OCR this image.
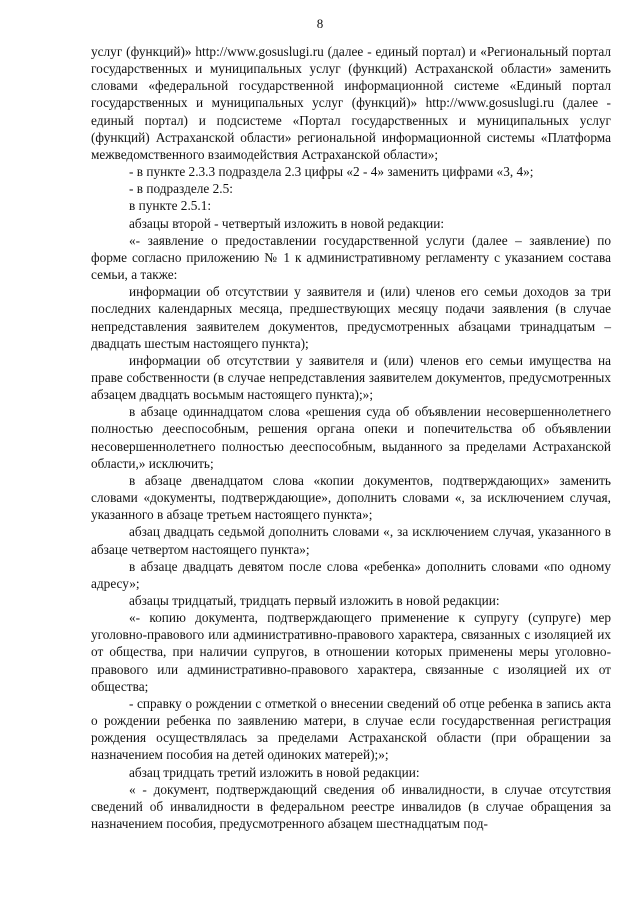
8

услуг (функций)» http://www.gosuslugi.ru (далее - единый портал) и «Региональный портал государственных и муниципальных услуг (функций) Астраханской области» заменить словами «федеральной государственной информационной системе «Единый портал государственных и муниципальных услуг (функций)» http://www.gosuslugi.ru (далее - единый портал) и подсистеме «Портал государственных и муниципальных услуг (функций) Астраханской области» региональной информационной системы «Платформа межведомственного взаимодействия Астраханской области»;

- в пункте 2.3.3 подраздела 2.3 цифры «2 - 4» заменить цифрами «3, 4»;

- в подразделе 2.5:

в пункте 2.5.1:

абзацы второй - четвертый изложить в новой редакции:

«- заявление о предоставлении государственной услуги (далее – заявление) по форме согласно приложению № 1 к административному регламенту с указанием состава семьи, а также:

информации об отсутствии у заявителя и (или) членов его семьи доходов за три последних календарных месяца, предшествующих месяцу подачи заявления (в случае непредставления заявителем документов, предусмотренных абзацами тринадцатым – двадцать шестым настоящего пункта);

информации об отсутствии у заявителя и (или) членов его семьи имущества на праве собственности (в случае непредставления заявителем документов, предусмотренных абзацем двадцать восьмым настоящего пункта);»;

в абзаце одиннадцатом слова «решения суда об объявлении несовершеннолетнего полностью дееспособным, решения органа опеки и попечительства об объявлении несовершеннолетнего полностью дееспособным, выданного за пределами Астраханской области,» исключить;

в абзаце двенадцатом слова «копии документов, подтверждающих» заменить словами «документы, подтверждающие», дополнить словами «, за исключением случая, указанного в абзаце третьем настоящего пункта»;

абзац двадцать седьмой дополнить словами «, за исключением случая, указанного в абзаце четвертом настоящего пункта»;

в абзаце двадцать девятом после слова «ребенка» дополнить словами «по одному адресу»;

абзацы тридцатый, тридцать первый изложить в новой редакции:

«- копию документа, подтверждающего применение к супругу (супруге) мер уголовно-правового или административно-правового характера, связанных с изоляцией их от общества, при наличии супругов, в отношении которых применены меры уголовно-правового или административно-правового характера, связанные с изоляцией их от общества;

- справку о рождении с отметкой о внесении сведений об отце ребенка в запись акта о рождении ребенка по заявлению матери, в случае если государственная регистрация рождения осуществлялась за пределами Астраханской области (при обращении за назначением пособия на детей одиноких матерей);»;

абзац тридцать третий изложить в новой редакции:

« - документ, подтверждающий сведения об инвалидности, в случае отсутствия сведений об инвалидности в федеральном реестре инвалидов (в случае обращения за назначением пособия, предусмотренного абзацем шестнадцатым под-
